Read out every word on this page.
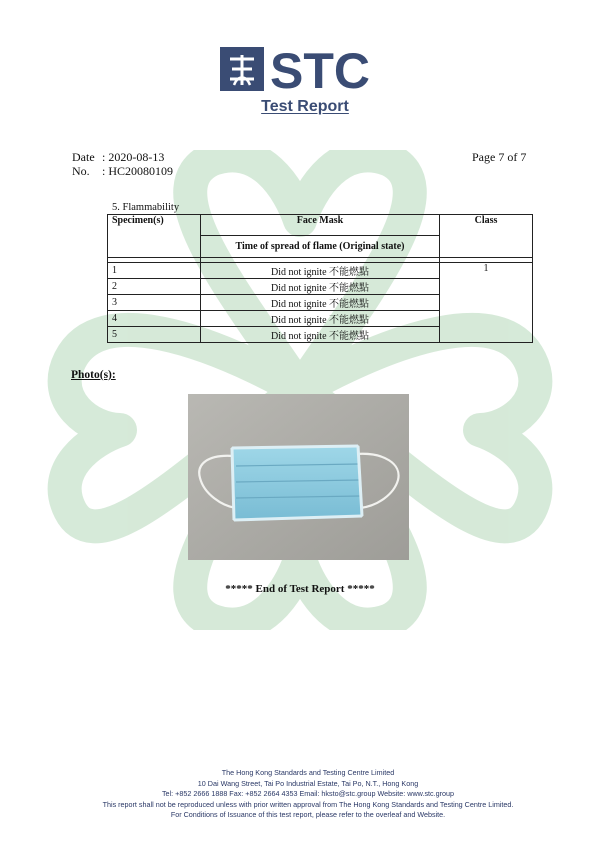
STC
Test Report
Date : 2020-08-13
No. : HC20080109
Page 7 of 7
5. Flammability
Specimen(s)	Face Mask	Class
	Time of spread of flame (Original state)	

1	Did not ignite 不能燃點	1
2	Did not ignite 不能燃點	
3	Did not ignite 不能燃點	
4	Did not ignite 不能燃點	
5	Did not ignite 不能燃點	
Photo(s):
***** End of Test Report *****
The Hong Kong Standards and Testing Centre Limited
10 Dai Wang Street, Tai Po Industrial Estate, Tai Po, N.T., Hong Kong
Tel: +852 2666 1888 Fax: +852 2664 4353 Email: hksto@stc.group Website: www.stc.group
This report shall not be reproduced unless with prior written approval from The Hong Kong Standards and Testing Centre Limited.
For Conditions of Issuance of this test report, please refer to the overleaf and Website.
